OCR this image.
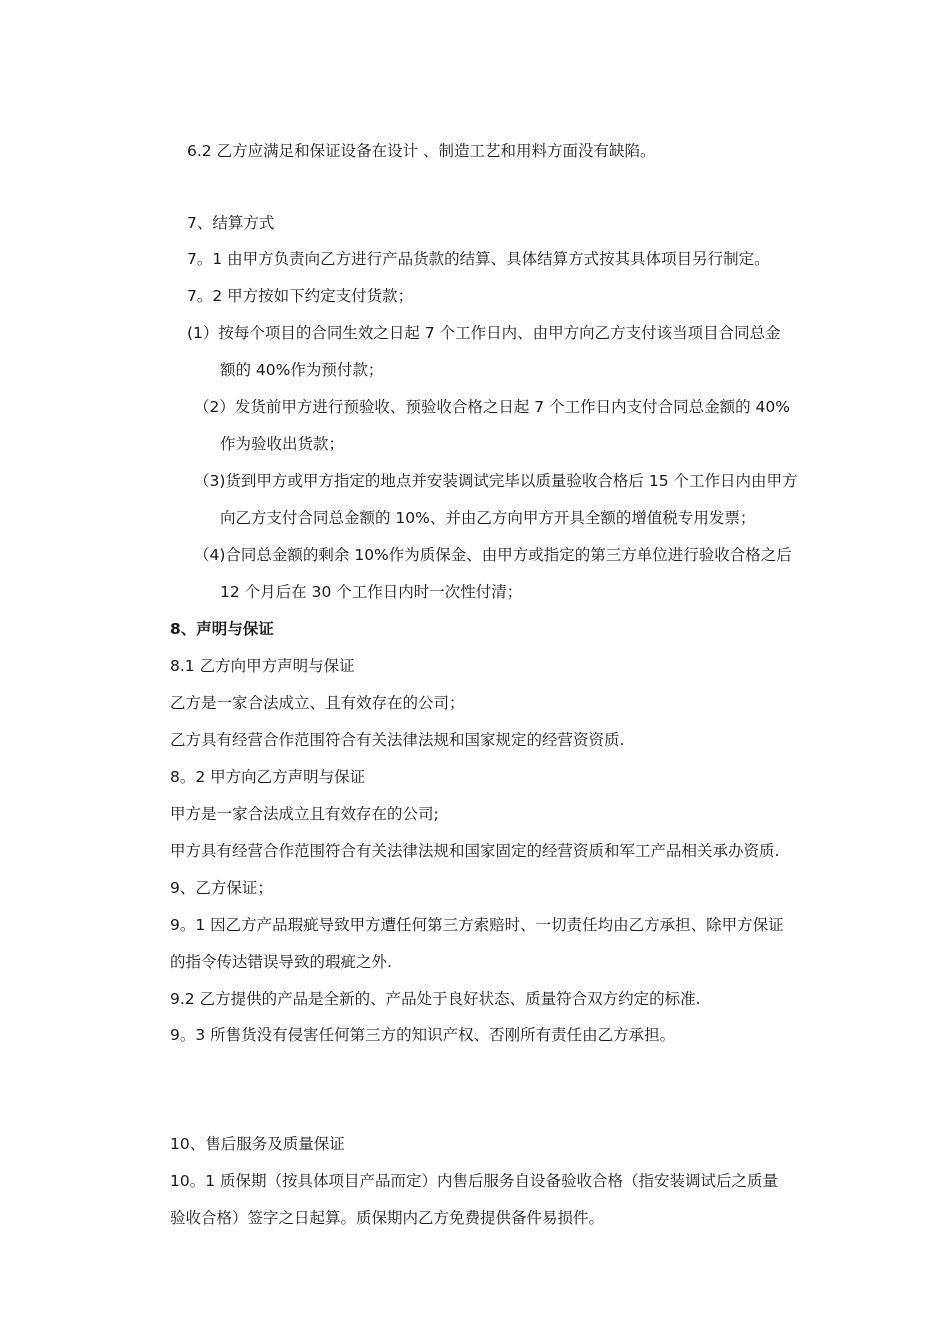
6.2 乙方应满足和保证设备在设计 、制造工艺和用料方面没有缺陷。
7、结算方式
7。1 由甲方负责向乙方进行产品货款的结算、具体结算方式按其具体项目另行制定。
7。2 甲方按如下约定支付货款；
(1）按每个项目的合同生效之日起 7 个工作日内、由甲方向乙方支付该当项目合同总金
额的 40%作为预付款；
（2）发货前甲方进行预验收、预验收合格之日起 7 个工作日内支付合同总金额的 40%
作为验收出货款；
（3)货到甲方或甲方指定的地点并安装调试完毕以质量验收合格后 15 个工作日内由甲方
向乙方支付合同总金额的 10%、并由乙方向甲方开具全额的增值税专用发票；
（4)合同总金额的剩余 10%作为质保金、由甲方或指定的第三方单位进行验收合格之后
12 个月后在 30 个工作日内时一次性付清；
8、声明与保证
8.1 乙方向甲方声明与保证
乙方是一家合法成立、且有效存在的公司；
乙方具有经营合作范围符合有关法律法规和国家规定的经营资资质.
8。2 甲方向乙方声明与保证
甲方是一家合法成立且有效存在的公司;
甲方具有经营合作范围符合有关法律法规和国家固定的经营资质和军工产品相关承办资质.
9、乙方保证；
9。1 因乙方产品瑕疵导致甲方遭任何第三方索赔时、一切责任均由乙方承担、除甲方保证
的指令传达错误导致的瑕疵之外.
9.2 乙方提供的产品是全新的、产品处于良好状态、质量符合双方约定的标准.
9。3 所售货没有侵害任何第三方的知识产权、否刚所有责任由乙方承担。
10、售后服务及质量保证
10。1 质保期（按具体项目产品而定）内售后服务自设备验收合格（指安装调试后之质量
验收合格）签字之日起算。质保期内乙方免费提供备件易损件。
